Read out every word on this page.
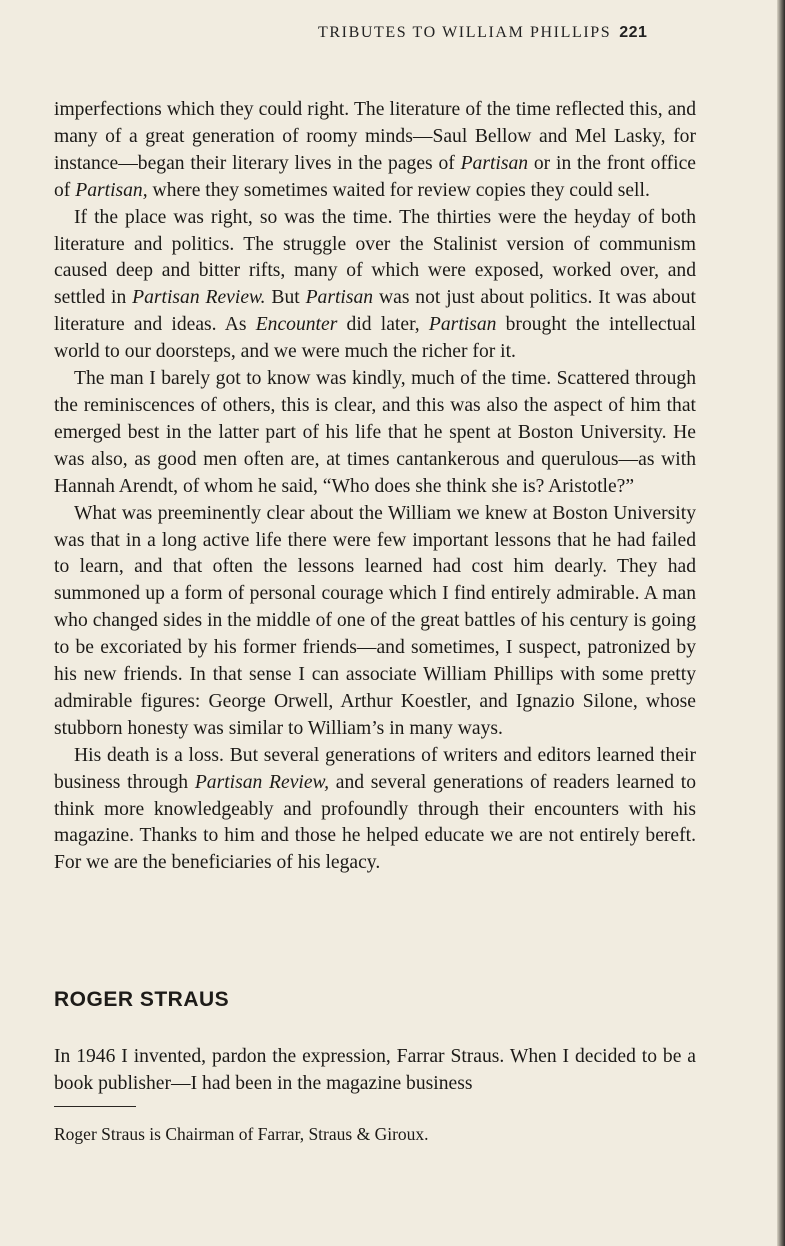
TRIBUTES TO WILLIAM PHILLIPS 221

imperfections which they could right. The literature of the time reflected this, and many of a great generation of roomy minds—Saul Bellow and Mel Lasky, for instance—began their literary lives in the pages of Partisan or in the front office of Partisan, where they sometimes waited for review copies they could sell.

If the place was right, so was the time. The thirties were the heyday of both literature and politics. The struggle over the Stalinist version of communism caused deep and bitter rifts, many of which were exposed, worked over, and settled in Partisan Review. But Partisan was not just about politics. It was about literature and ideas. As Encounter did later, Partisan brought the intellectual world to our doorsteps, and we were much the richer for it.

The man I barely got to know was kindly, much of the time. Scattered through the reminiscences of others, this is clear, and this was also the aspect of him that emerged best in the latter part of his life that he spent at Boston University. He was also, as good men often are, at times cantankerous and querulous—as with Hannah Arendt, of whom he said, “Who does she think she is? Aristotle?”

What was preeminently clear about the William we knew at Boston University was that in a long active life there were few important lessons that he had failed to learn, and that often the lessons learned had cost him dearly. They had summoned up a form of personal courage which I find entirely admirable. A man who changed sides in the middle of one of the great battles of his century is going to be excoriated by his former friends—and sometimes, I suspect, patronized by his new friends. In that sense I can associate William Phillips with some pretty admirable figures: George Orwell, Arthur Koestler, and Ignazio Silone, whose stubborn honesty was similar to William’s in many ways.

His death is a loss. But several generations of writers and editors learned their business through Partisan Review, and several generations of readers learned to think more knowledgeably and profoundly through their encounters with his magazine. Thanks to him and those he helped educate we are not entirely bereft. For we are the beneficiaries of his legacy.

ROGER STRAUS
In 1946 I invented, pardon the expression, Farrar Straus. When I decided to be a book publisher—I had been in the magazine business
Roger Straus is Chairman of Farrar, Straus & Giroux.
